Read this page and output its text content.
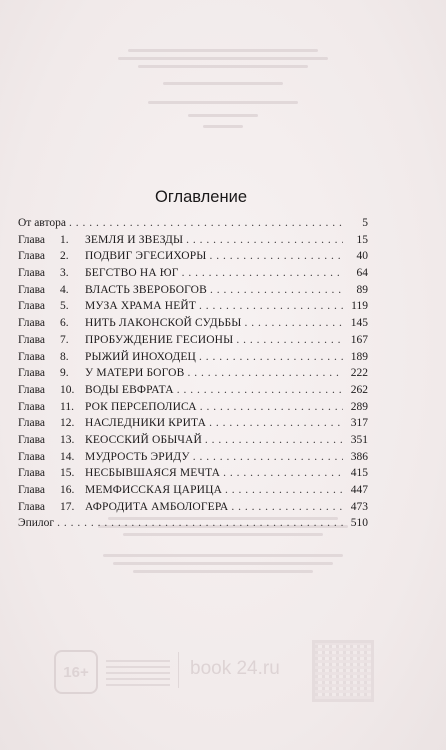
Оглавление
От автора . . .	5
Глава	1.	ЗЕМЛЯ И ЗВЕЗДЫ . . .	15
Глава	2.	ПОДВИГ ЭГЕСИХОРЫ . . .	40
Глава	3.	БЕГСТВО НА ЮГ . . .	64
Глава	4.	ВЛАСТЬ ЗВЕРОБОГОВ . . .	89
Глава	5.	МУЗА ХРАМА НЕЙТ . . .	119
Глава	6.	НИТЬ ЛАКОНСКОЙ СУДЬБЫ . . .	145
Глава	7.	ПРОБУЖДЕНИЕ ГЕСИОНЫ . . .	167
Глава	8.	РЫЖИЙ ИНОХОДЕЦ . . .	189
Глава	9.	У МАТЕРИ БОГОВ . . .	222
Глава	10. ВОДЫ ЕВФРАТА . . .	262
Глава	11. РОК ПЕРСЕПОЛИСА . . .	289
Глава	12. НАСЛЕДНИКИ КРИТА . . .	317
Глава	13. КЕОССКИЙ ОБЫЧАЙ . . .	351
Глава	14. МУДРОСТЬ ЭРИДУ . . .	386
Глава	15. НЕСБЫВШАЯСЯ МЕЧТА . . .	415
Глава	16. МЕМФИССКАЯ ЦАРИЦА . . .	447
Глава	17. АФРОДИТА АМБОЛОГЕРА . . .	473
Эпилог . . .	510
16+	book 24.ru
